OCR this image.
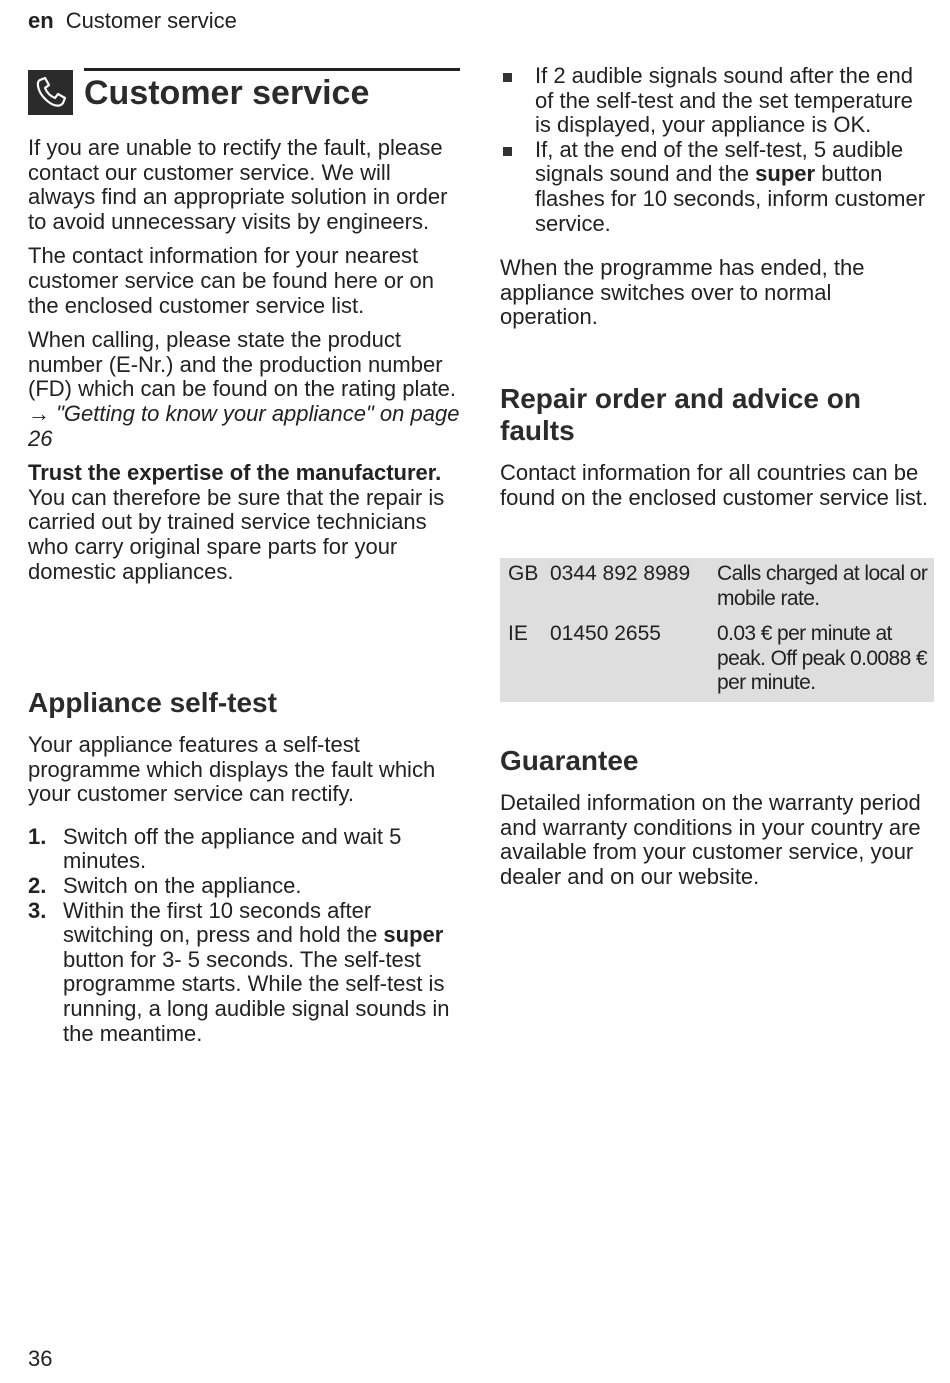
en Customer service
Customer service

If you are unable to rectify the fault, please contact our customer service. We will always find an appropriate solution in order to avoid unnecessary visits by engineers.

The contact information for your nearest customer service can be found here or on the enclosed customer service list.

When calling, please state the product number (E-Nr.) and the production number (FD) which can be found on the rating plate.

→ "Getting to know your appliance" on page 26

Trust the expertise of the manufacturer. You can therefore be sure that the repair is carried out by trained service technicians who carry original spare parts for your domestic appliances.

Appliance self-test

Your appliance features a self-test programme which displays the fault which your customer service can rectify.

1. Switch off the appliance and wait 5 minutes.
2. Switch on the appliance.
3. Within the first 10 seconds after switching on, press and hold the super button for 3- 5 seconds. The self-test programme starts. While the self-test is running, a long audible signal sounds in the meantime.
If 2 audible signals sound after the end of the self-test and the set temperature is displayed, your appliance is OK.
If, at the end of the self-test, 5 audible signals sound and the super button flashes for 10 seconds, inform customer service.

When the programme has ended, the appliance switches over to normal operation.

Repair order and advice on faults

Contact information for all countries can be found on the enclosed customer service list.

GB 0344 892 8989 Calls charged at local or mobile rate.
IE 01450 2655	0.03 € per minute at peak. Off peak 0.0088 € per minute.
Guarantee

Detailed information on the warranty period and warranty conditions in your country are available from your customer service, your dealer and on our website.

36
